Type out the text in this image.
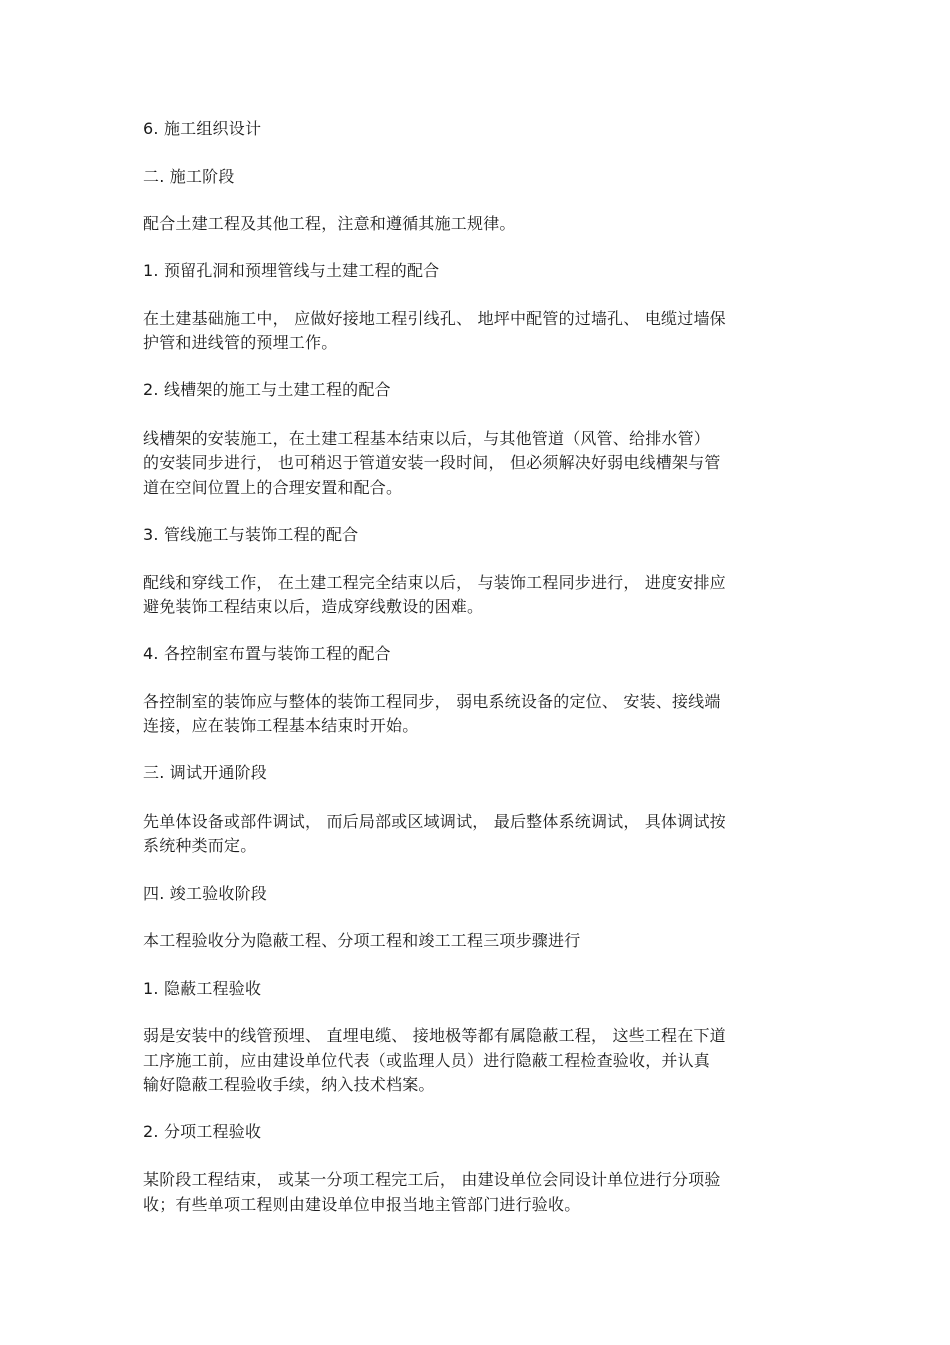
6. 施工组织设计
二. 施工阶段
配合土建工程及其他工程，注意和遵循其施工规律。
1. 预留孔洞和预埋管线与土建工程的配合
在土建基础施工中， 应做好接地工程引线孔、 地坪中配管的过墙孔、 电缆过墙保
护管和进线管的预埋工作。
2. 线槽架的施工与土建工程的配合
线槽架的安装施工，在土建工程基本结束以后，与其他管道（风管、给排水管）
的安装同步进行， 也可稍迟于管道安装一段时间， 但必须解决好弱电线槽架与管
道在空间位置上的合理安置和配合。
3. 管线施工与装饰工程的配合
配线和穿线工作， 在土建工程完全结束以后， 与装饰工程同步进行， 进度安排应
避免装饰工程结束以后，造成穿线敷设的困难。
4. 各控制室布置与装饰工程的配合
各控制室的装饰应与整体的装饰工程同步， 弱电系统设备的定位、 安装、接线端
连接，应在装饰工程基本结束时开始。
三. 调试开通阶段
先单体设备或部件调试， 而后局部或区域调试， 最后整体系统调试， 具体调试按
系统种类而定。
四. 竣工验收阶段
本工程验收分为隐蔽工程、分项工程和竣工工程三项步骤进行
1. 隐蔽工程验收
弱是安装中的线管预埋、 直埋电缆、 接地极等都有属隐蔽工程， 这些工程在下道
工序施工前，应由建设单位代表（或监理人员）进行隐蔽工程检查验收，并认真
输好隐蔽工程验收手续，纳入技术档案。
2. 分项工程验收
某阶段工程结束， 或某一分项工程完工后， 由建设单位会同设计单位进行分项验
收；有些单项工程则由建设单位申报当地主管部门进行验收。
